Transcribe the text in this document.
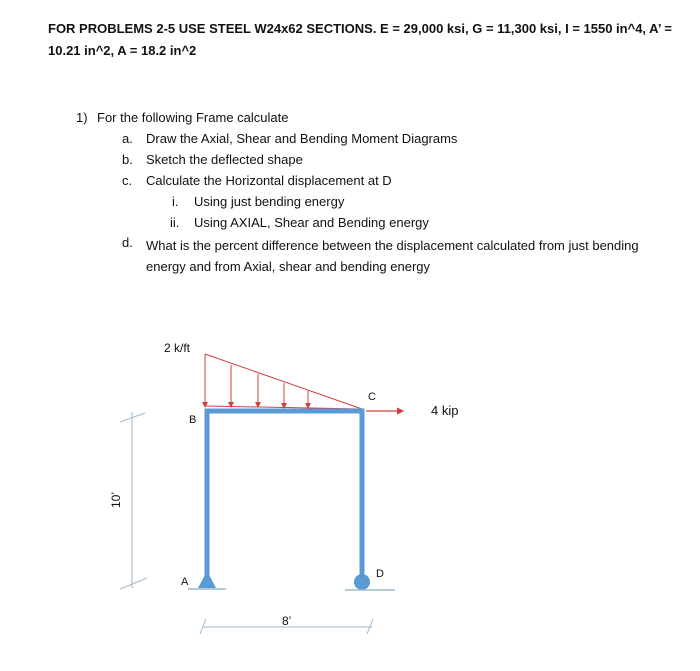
FOR PROBLEMS 2-5 USE STEEL W24x62 SECTIONS. E = 29,000 ksi, G = 11,300 ksi, I = 1550 in^4, A’ =
10.21 in^2, A = 18.2 in^2
1) For the following Frame calculate
a. Draw the Axial, Shear and Bending Moment Diagrams
b. Sketch the deflected shape
c. Calculate the Horizontal displacement at D
i. Using just bending energy
ii. Using AXIAL, Shear and Bending energy
d. What is the percent difference between the displacement calculated from just bending energy and from Axial, shear and bending energy
2 k/ft
B
C
A
D
4 kip
10’
8’
